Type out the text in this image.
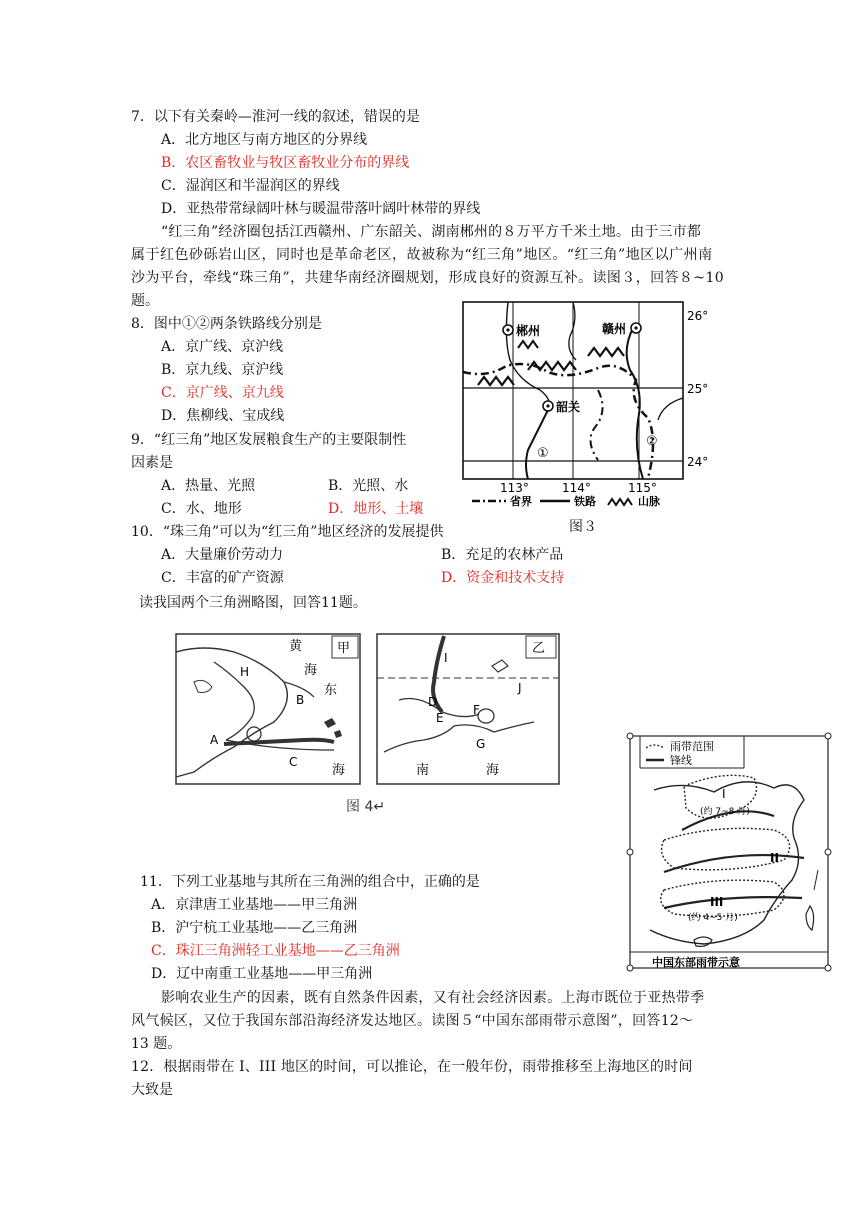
7．以下有关秦岭—淮河一线的叙述，错误的是
A．北方地区与南方地区的分界线
B．农区畜牧业与牧区畜牧业分布的界线
C．湿润区和半湿润区的界线
D．亚热带常绿阔叶林与暖温带落叶阔叶林带的界线
“红三角”经济圈包括江西赣州、广东韶关、湖南郴州的８万平方千米土地。由于三市都
属于红色砂砾岩山区，同时也是革命老区，故被称为“红三角”地区。“红三角”地区以广州南
沙为平台，牵线“珠三角”，共建华南经济圈规划，形成良好的资源互补。读图３，回答８~10
题。
8．图中①②两条铁路线分别是
A．京广线、京沪线
B．京九线、京沪线
C．京广线、京九线
D．焦柳线、宝成线
9．“红三角”地区发展粮食生产的主要限制性
因素是
A．热量、光照	B．光照、水
C．水、地形	D．地形、土壤
10．“珠三角”可以为“红三角”地区经济的发展提供
A．大量廉价劳动力	B．充足的农林产品
C．丰富的矿产资源	D．资金和技术支持
读我国两个三角洲略图，回答11题。
郴州	赣州
韶关
①
②
26°
25°
24°
113°	114°	115°
省界	铁路	山脉
图３
甲
黄
海
东
海
H
B
A
C
乙
I
J
D
E
F
G
南	海
图 4↵
雨带范围
锋线
I
(约 7~8 月)
II
III
(约 4~5 月)
中国东部雨带示意
11．下列工业基地与其所在三角洲的组合中，正确的是
A．京津唐工业基地——甲三角洲
B．沪宁杭工业基地——乙三角洲
C．珠江三角洲轻工业基地——乙三角洲
D．辽中南重工业基地——甲三角洲
影响农业生产的因素，既有自然条件因素，又有社会经济因素。上海市既位于亚热带季
风气候区，又位于我国东部沿海经济发达地区。读图５“中国东部雨带示意图”，回答12～
13 题。
12．根据雨带在 I、III 地区的时间，可以推论，在一般年份，雨带推移至上海地区的时间
大致是
